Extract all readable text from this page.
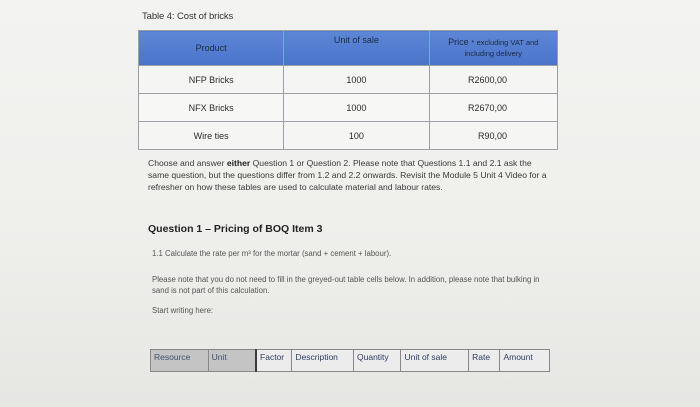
Table 4: Cost of bricks
Product	Unit of sale	Price * excluding VAT and
including delivery
NFP Bricks	1000	R2600,00
NFX Bricks	1000	R2670,00
Wire ties	100	R90,00
Choose and answer either Question 1 or Question 2. Please note that Questions 1.1 and 2.1 ask the same question, but the questions differ from 1.2 and 2.2 onwards. Revisit the Module 5 Unit 4 Video for a refresher on how these tables are used to calculate material and labour rates.
Question 1 – Pricing of BOQ Item 3
1.1 Calculate the rate per m³ for the mortar (sand + cement + labour).
Please note that you do not need to fill in the greyed-out table cells below. In addition, please note that bulking in sand is not part of this calculation.
Start writing here:
Resource	Unit	Factor	Description	Quantity	Unit of sale	Rate	Amount
